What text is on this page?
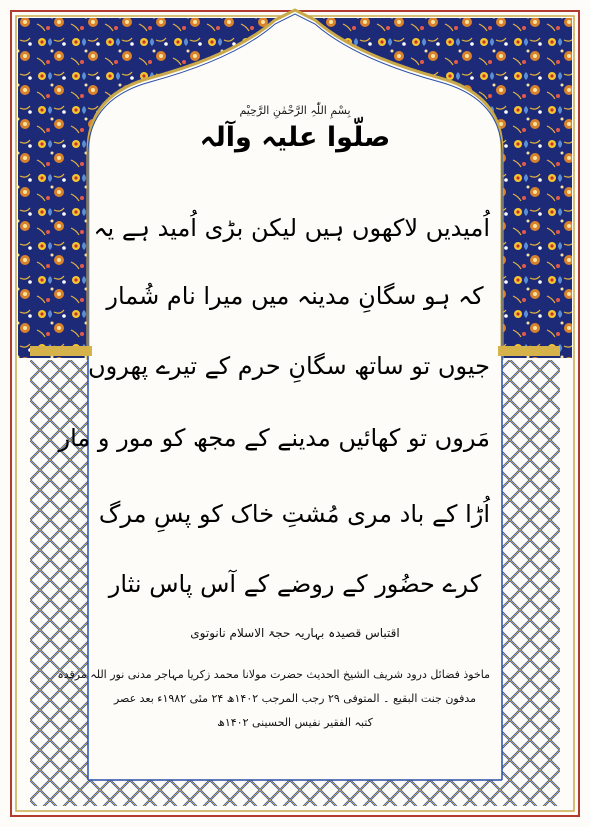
بِسْمِ اللّٰہِ الرَّحْمٰنِ الرَّحِیْم
صلّوا علیہ وآلہ
اُمیدیں لاکھوں ہیں لیکن بڑی اُمید ہے یہ
کہ ہو سگانِ مدینہ میں میرا نام شُمار
جیوں تو ساتھ سگانِ حرم کے تیرے پھروں
مَروں تو کھائیں مدینے کے مجھ کو مور و مار
اُڑا کے باد مری مُشتِ خاک کو پسِ مرگ
کرے حضُور کے روضے کے آس پاس نثار
اقتباس قصیدہ بہاریہ حجۃ الاسلام نانوتوی
ماخوذ فضائل درود شریف الشیخ الحدیث حضرت مولانا محمد زکریا مہاجر مدنی نور اللہ مرقدہ
مدفون جنت البقیع ۔ المتوفی ۲۹ رجب المرجب ۱۴۰۲ھ ۲۴ مئی ۱۹۸۲ء بعد عصر
کتبہ الفقیر نفیس الحسینی ۱۴۰۲ھ
